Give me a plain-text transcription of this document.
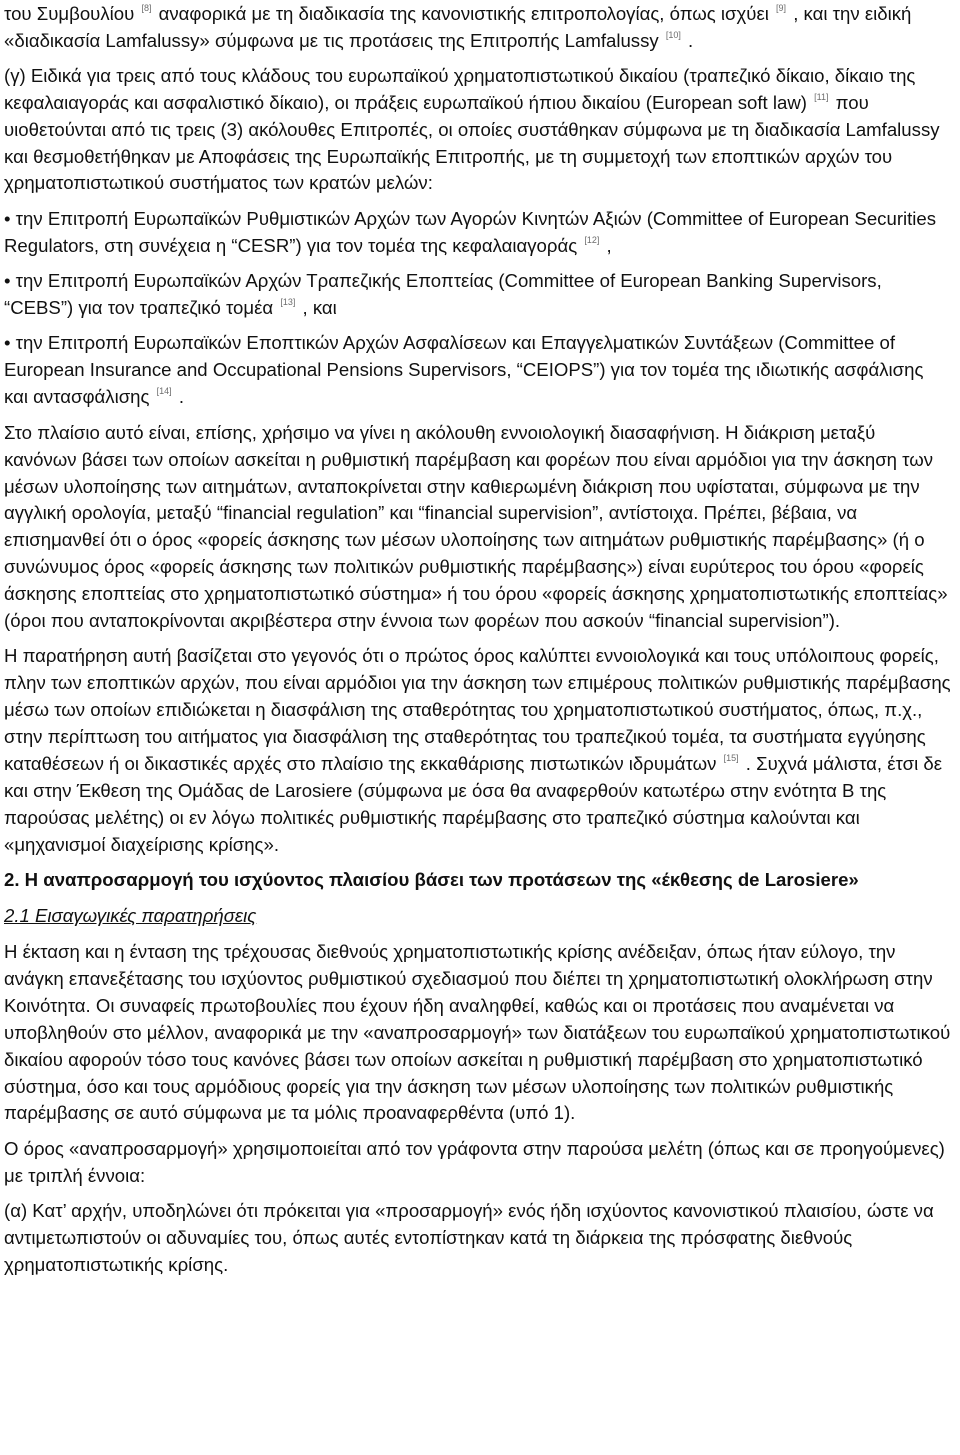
του Συμβουλίου [8] αναφορικά με τη διαδικασία της κανονιστικής επιτροπολογίας, όπως ισχύει [9] , και την ειδική «διαδικασία Lamfalussy» σύμφωνα με τις προτάσεις της Επιτροπής Lamfalussy [10] .

(γ) Ειδικά για τρεις από τους κλάδους του ευρωπαϊκού χρηματοπιστωτικού δικαίου (τραπεζικό δίκαιο, δίκαιο της κεφαλαιαγοράς και ασφαλιστικό δίκαιο), οι πράξεις ευρωπαϊκού ήπιου δικαίου (European soft law) [11] που υιοθετούνται από τις τρεις (3) ακόλουθες Επιτροπές, οι οποίες συστάθηκαν σύμφωνα με τη διαδικασία Lamfalussy και θεσμοθετήθηκαν με Αποφάσεις της Ευρωπαϊκής Επιτροπής, με τη συμμετοχή των εποπτικών αρχών του χρηματοπιστωτικού συστήματος των κρατών μελών:

• την Επιτροπή Ευρωπαϊκών Ρυθμιστικών Αρχών των Αγορών Κινητών Αξιών (Committee of European Securities Regulators, στη συνέχεια η “CESR”) για τον τομέα της κεφαλαιαγοράς [12] ,

• την Επιτροπή Ευρωπαϊκών Αρχών Τραπεζικής Εποπτείας (Committee of European Banking Supervisors, “CEBS”) για τον τραπεζικό τομέα [13] , και

• την Επιτροπή Ευρωπαϊκών Εποπτικών Αρχών Ασφαλίσεων και Επαγγελματικών Συντάξεων (Committee of European Insurance and Occupational Pensions Supervisors, “CEIOPS”) για τον τομέα της ιδιωτικής ασφάλισης και αντασφάλισης [14] .

Στο πλαίσιο αυτό είναι, επίσης, χρήσιμο να γίνει η ακόλουθη εννοιολογική διασαφήνιση. Η διάκριση μεταξύ κανόνων βάσει των οποίων ασκείται η ρυθμιστική παρέμβαση και φορέων που είναι αρμόδιοι για την άσκηση των μέσων υλοποίησης των αιτημάτων, ανταποκρίνεται στην καθιερωμένη διάκριση που υφίσταται, σύμφωνα με την αγγλική ορολογία, μεταξύ “financial regulation” και “financial supervision”, αντίστοιχα. Πρέπει, βέβαια, να επισημανθεί ότι ο όρος «φορείς άσκησης των μέσων υλοποίησης των αιτημάτων ρυθμιστικής παρέμβασης» (ή ο συνώνυμος όρος «φορείς άσκησης των πολιτικών ρυθμιστικής παρέμβασης») είναι ευρύτερος του όρου «φορείς άσκησης εποπτείας στο χρηματοπιστωτικό σύστημα» ή του όρου «φορείς άσκησης χρηματοπιστωτικής εποπτείας» (όροι που ανταποκρίνονται ακριβέστερα στην έννοια των φορέων που ασκούν “financial supervision”).

Η παρατήρηση αυτή βασίζεται στο γεγονός ότι ο πρώτος όρος καλύπτει εννοιολογικά και τους υπόλοιπους φορείς, πλην των εποπτικών αρχών, που είναι αρμόδιοι για την άσκηση των επιμέρους πολιτικών ρυθμιστικής παρέμβασης μέσω των οποίων επιδιώκεται η διασφάλιση της σταθερότητας του χρηματοπιστωτικού συστήματος, όπως, π.χ., στην περίπτωση του αιτήματος για διασφάλιση της σταθερότητας του τραπεζικού τομέα, τα συστήματα εγγύησης καταθέσεων ή οι δικαστικές αρχές στο πλαίσιο της εκκαθάρισης πιστωτικών ιδρυμάτων [15] . Συχνά μάλιστα, έτσι δε και στην Έκθεση της Ομάδας de Larosiere (σύμφωνα με όσα θα αναφερθούν κατωτέρω στην ενότητα Β της παρούσας μελέτης) οι εν λόγω πολιτικές ρυθμιστικής παρέμβασης στο τραπεζικό σύστημα καλούνται και «μηχανισμοί διαχείρισης κρίσης».

2. Η αναπροσαρμογή του ισχύοντος πλαισίου βάσει των προτάσεων της «έκθεσης de Larosiere»

2.1 Εισαγωγικές παρατηρήσεις

Η έκταση και η ένταση της τρέχουσας διεθνούς χρηματοπιστωτικής κρίσης ανέδειξαν, όπως ήταν εύλογο, την ανάγκη επανεξέτασης του ισχύοντος ρυθμιστικού σχεδιασμού που διέπει τη χρηματοπιστωτική ολοκλήρωση στην Κοινότητα. Οι συναφείς πρωτοβουλίες που έχουν ήδη αναληφθεί, καθώς και οι προτάσεις που αναμένεται να υποβληθούν στο μέλλον, αναφορικά με την «αναπροσαρμογή» των διατάξεων του ευρωπαϊκού χρηματοπιστωτικού δικαίου αφορούν τόσο τους κανόνες βάσει των οποίων ασκείται η ρυθμιστική παρέμβαση στο χρηματοπιστωτικό σύστημα, όσο και τους αρμόδιους φορείς για την άσκηση των μέσων υλοποίησης των πολιτικών ρυθμιστικής παρέμβασης σε αυτό σύμφωνα με τα μόλις προαναφερθέντα (υπό 1).

Ο όρος «αναπροσαρμογή» χρησιμοποιείται από τον γράφοντα στην παρούσα μελέτη (όπως και σε προηγούμενες) με τριπλή έννοια:

(α) Κατ’ αρχήν, υποδηλώνει ότι πρόκειται για «προσαρμογή» ενός ήδη ισχύοντος κανονιστικού πλαισίου, ώστε να αντιμετωπιστούν οι αδυναμίες του, όπως αυτές εντοπίστηκαν κατά τη διάρκεια της πρόσφατης διεθνούς χρηματοπιστωτικής κρίσης.
